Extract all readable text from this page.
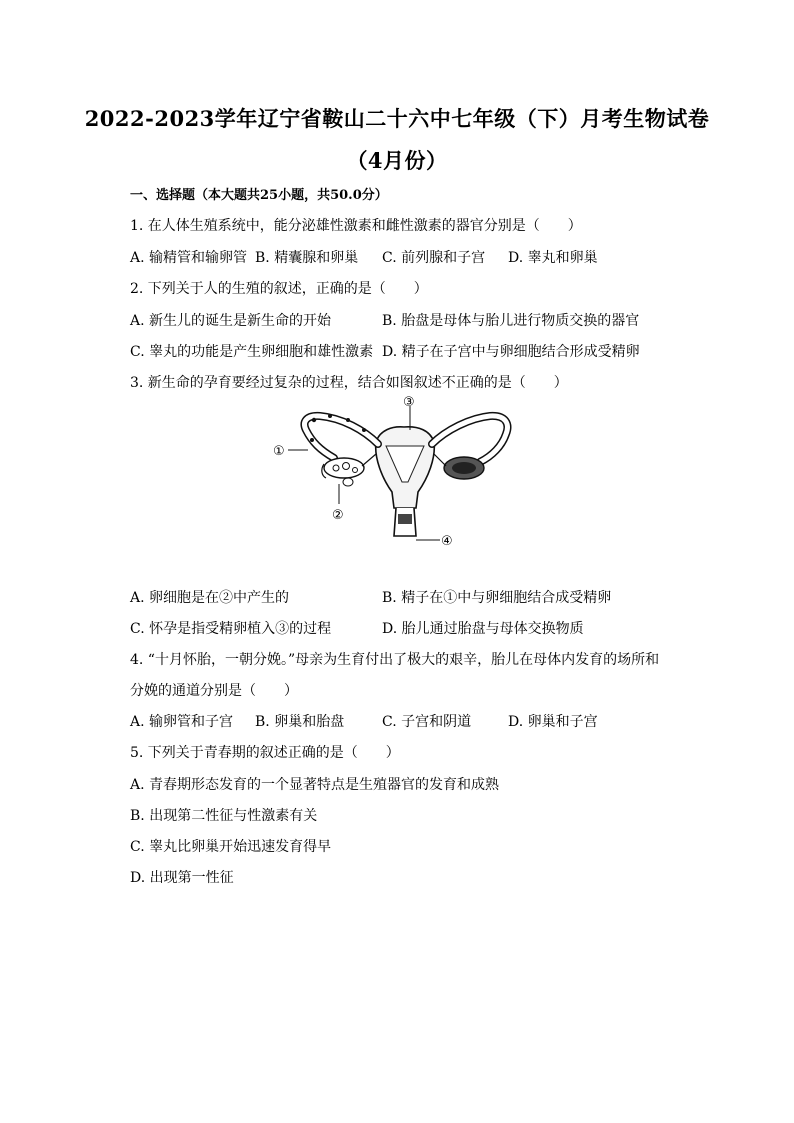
2022-2023学年辽宁省鞍山二十六中七年级（下）月考生物试卷
（4月份）
一、选择题（本大题共25小题，共50.0分）
1. 在人体生殖系统中，能分泌雄性激素和雌性激素的器官分别是（　　）
A. 输精管和输卵管 B. 精囊腺和卵巢 C. 前列腺和子宫 D. 睾丸和卵巢
2. 下列关于人的生殖的叙述，正确的是（　　）
A. 新生儿的诞生是新生命的开始	B. 胎盘是母体与胎儿进行物质交换的器官
C. 睾丸的功能是产生卵细胞和雄性激素 D. 精子在子宫中与卵细胞结合形成受精卵
3. 新生命的孕育要经过复杂的过程，结合如图叙述不正确的是（　　）
①
②
③
④
A. 卵细胞是在②中产生的	B. 精子在①中与卵细胞结合成受精卵
C. 怀孕是指受精卵植入③的过程	D. 胎儿通过胎盘与母体交换物质
4. “十月怀胎，一朝分娩。”母亲为生育付出了极大的艰辛，胎儿在母体内发育的场所和
分娩的通道分别是（　　）
A. 输卵管和子宫 B. 卵巢和胎盘	C. 子宫和阴道	D. 卵巢和子宫
5. 下列关于青春期的叙述正确的是（　　）
A. 青春期形态发育的一个显著特点是生殖器官的发育和成熟
B. 出现第二性征与性激素有关
C. 睾丸比卵巢开始迅速发育得早
D. 出现第一性征
